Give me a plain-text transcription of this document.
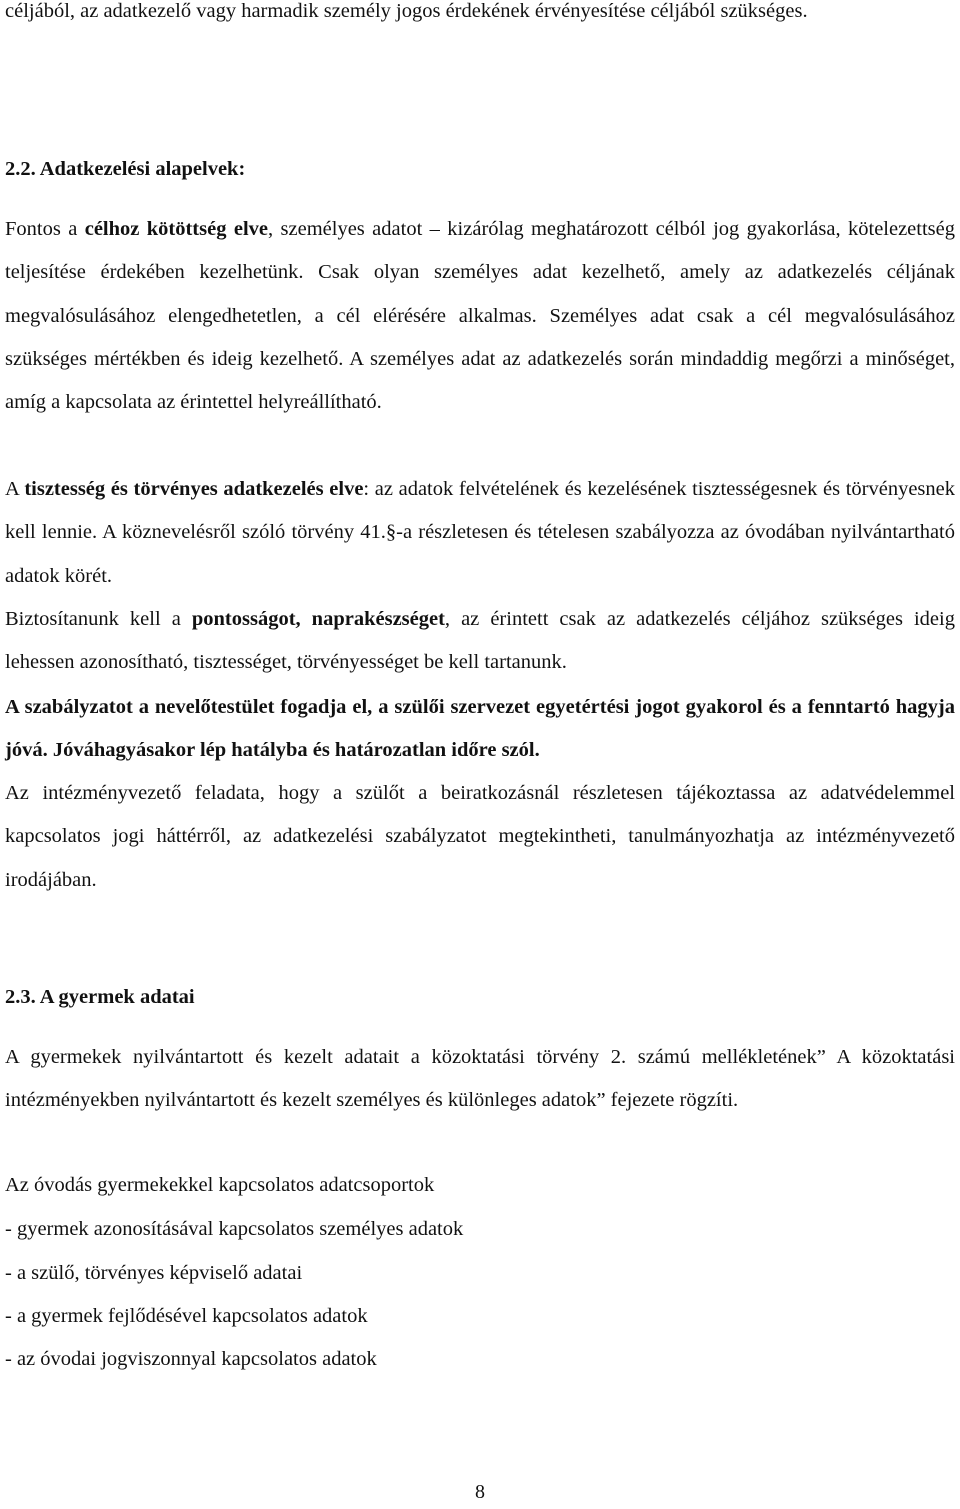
céljából, az adatkezelő vagy harmadik személy jogos érdekének érvényesítése céljából szükséges.

2.2. Adatkezelési alapelvek:

Fontos a célhoz kötöttség elve, személyes adatot – kizárólag meghatározott célból jog gyakorlása, kötelezettség teljesítése érdekében kezelhetünk. Csak olyan személyes adat kezelhető, amely az adatkezelés céljának megvalósulásához elengedhetetlen, a cél elérésére alkalmas. Személyes adat csak a cél megvalósulásához szükséges mértékben és ideig kezelhető. A személyes adat az adatkezelés során mindaddig megőrzi a minőséget, amíg a kapcsolata az érintettel helyreállítható.

A tisztesség és törvényes adatkezelés elve: az adatok felvételének és kezelésének tisztességesnek és törvényesnek kell lennie. A köznevelésről szóló törvény 41.§-a részletesen és tételesen szabályozza az óvodában nyilvántartható adatok körét.

Biztosítanunk kell a pontosságot, naprakészséget, az érintett csak az adatkezelés céljához szükséges ideig lehessen azonosítható, tisztességet, törvényességet be kell tartanunk.

A szabályzatot a nevelőtestület fogadja el, a szülői szervezet egyetértési jogot gyakorol és a fenntartó hagyja jóvá. Jóváhagyásakor lép hatályba és határozatlan időre szól.

Az intézményvezető feladata, hogy a szülőt a beiratkozásnál részletesen tájékoztassa az adatvédelemmel kapcsolatos jogi háttérről, az adatkezelési szabályzatot megtekintheti, tanulmányozhatja az intézményvezető irodájában.

2.3. A gyermek adatai

A gyermekek nyilvántartott és kezelt adatait a közoktatási törvény 2. számú mellékletének” A közoktatási intézményekben nyilvántartott és kezelt személyes és különleges adatok” fejezete rögzíti.

Az óvodás gyermekekkel kapcsolatos adatcsoportok

- gyermek azonosításával kapcsolatos személyes adatok

- a szülő, törvényes képviselő adatai

- a gyermek fejlődésével kapcsolatos adatok

- az óvodai jogviszonnyal kapcsolatos adatok

8
